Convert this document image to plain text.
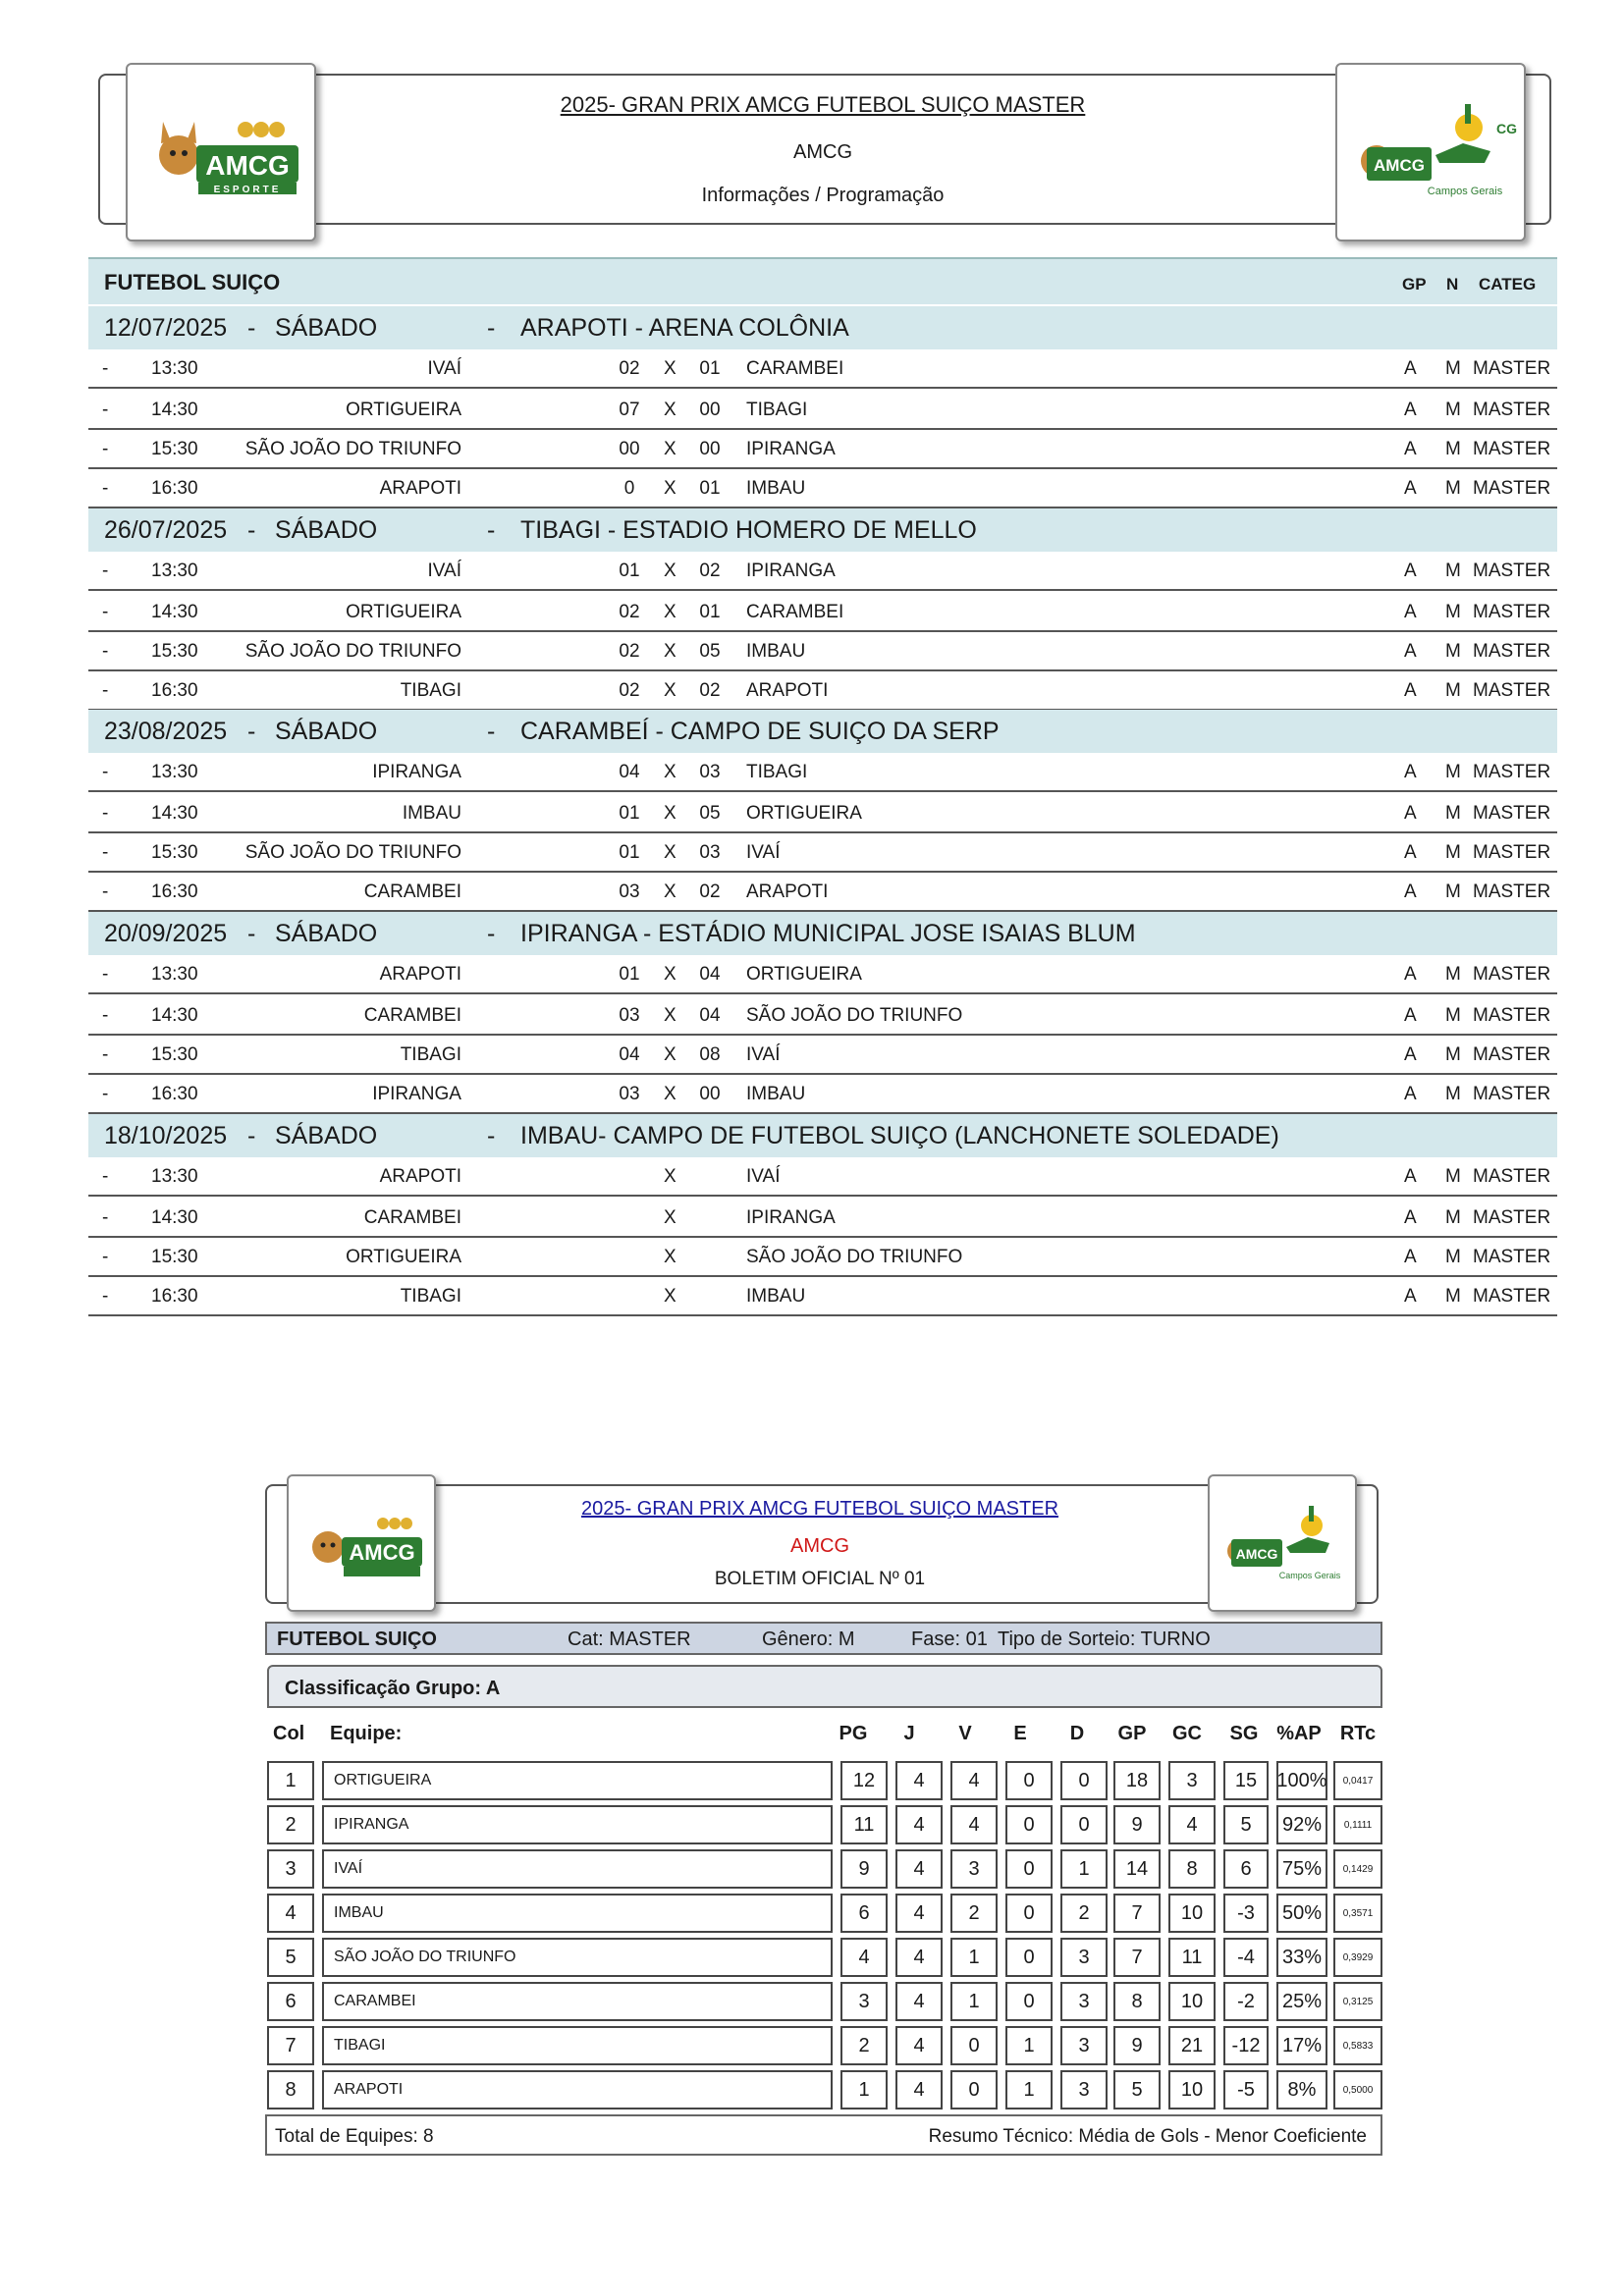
AMCG
ESPORTE
AMCG
CG
Campos Gerais
2025- GRAN PRIX AMCG FUTEBOL SUIÇO MASTER
AMCG
Informações / Programação
FUTEBOL SUIÇO	GP N CATEG
12/07/2025 - SÁBADO	- ARAPOTI - ARENA COLÔNIA
- 13:30	IVAÍ	02 X 01 CARAMBEI	A M MASTER
- 14:30	ORTIGUEIRA	07 X 00 TIBAGI	A M MASTER
- 15:30	SÃO JOÃO DO TRIUNFO	00 X 00 IPIRANGA	A M MASTER
- 16:30	ARAPOTI	0	X 01 IMBAU	A M MASTER
26/07/2025 - SÁBADO	- TIBAGI - ESTADIO HOMERO DE MELLO
- 13:30	IVAÍ	01 X 02 IPIRANGA	A M MASTER
- 14:30	ORTIGUEIRA	02 X 01 CARAMBEI	A M MASTER
- 15:30	SÃO JOÃO DO TRIUNFO	02 X 05 IMBAU	A M MASTER
- 16:30	TIBAGI	02 X 02 ARAPOTI	A M MASTER
23/08/2025 - SÁBADO	- CARAMBEÍ - CAMPO DE SUIÇO DA SERP
- 13:30	IPIRANGA	04 X 03 TIBAGI	A M MASTER
- 14:30	IMBAU	01 X 05 ORTIGUEIRA	A M MASTER
- 15:30	SÃO JOÃO DO TRIUNFO	01 X 03 IVAÍ	A M MASTER
- 16:30	CARAMBEI	03 X 02 ARAPOTI	A M MASTER
20/09/2025 - SÁBADO	- IPIRANGA - ESTÁDIO MUNICIPAL JOSE ISAIAS BLUM
- 13:30	ARAPOTI	01 X 04 ORTIGUEIRA	A M MASTER
- 14:30	CARAMBEI	03 X 04 SÃO JOÃO DO TRIUNFO	A M MASTER
- 15:30	TIBAGI	04 X 08 IVAÍ	A M MASTER
- 16:30	IPIRANGA	03 X 00 IMBAU	A M MASTER
18/10/2025 - SÁBADO	- IMBAU- CAMPO DE FUTEBOL SUIÇO (LANCHONETE SOLEDADE)
- 13:30	ARAPOTI	X	IVAÍ	A M MASTER
- 14:30	CARAMBEI	X	IPIRANGA	A M MASTER
- 15:30	ORTIGUEIRA	X	SÃO JOÃO DO TRIUNFO	A M MASTER
- 16:30	TIBAGI	X	IMBAU	A M MASTER
AMCG	AMCG
Campos Gerais
2025- GRAN PRIX AMCG FUTEBOL SUIÇO MASTER
AMCG
BOLETIM OFICIAL Nº 01
FUTEBOL SUIÇO	Cat: MASTER	Gênero: M	Fase: 01 Tipo de Sorteio: TURNO
Classificação Grupo: A
Col Equipe:	PG	J	V	E	D	GP	GC	SG %AP RTc
1	ORTIGUEIRA	12	4	4	0	0	18	3	15	100%	0,0417
2	IPIRANGA	11	4	4	0	0	9	4	5	92%	0,1111
3	IVAÍ	9	4	3	0	1	14	8	6	75%	0,1429
4	IMBAU	6	4	2	0	2	7	10	-3	50%	0,3571
5	SÃO JOÃO DO TRIUNFO	4	4	1	0	3	7	11	-4	33%	0,3929
6	CARAMBEI	3	4	1	0	3	8	10	-2	25%	0,3125
7	TIBAGI	2	4	0	1	3	9	21	-12	17%	0,5833
8	ARAPOTI	1	4	0	1	3	5	10	-5	8%	0,5000
Total de Equipes: 8	Resumo Técnico: Média de Gols - Menor Coeficiente
